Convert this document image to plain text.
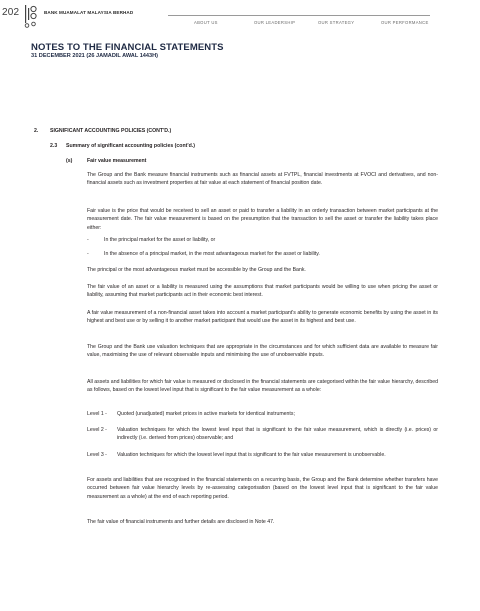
202	BANK MUAMALAT MALAYSIA BERHAD
ABOUT US	OUR LEADERSHIP	OUR STRATEGY	OUR PERFORMANCE
NOTES TO THE FINANCIAL STATEMENTS
31 DECEMBER 2021 (26 JAMADIL AWAL 1443H)
2. SIGNIFICANT ACCOUNTING POLICIES (CONT'D.)
2.3 Summary of significant accounting policies (cont'd.)
(s)	Fair value measurement

The Group and the Bank measure financial instruments such as financial assets at FVTPL, financial investments at FVOCI and derivatives, and non-financial assets such as investment properties at fair value at each statement of financial position date.

Fair value is the price that would be received to sell an asset or paid to transfer a liability in an orderly transaction between market participants at the measurement date. The fair value measurement is based on the presumption that the transaction to sell the asset or transfer the liability takes place either:

-	In the principal market for the asset or liability, or
-	In the absence of a principal market, in the most advantageous market for the asset or liability.

The principal or the most advantageous market must be accessible by the Group and the Bank.

The fair value of an asset or a liability is measured using the assumptions that market participants would be willing to use when pricing the asset or liability, assuming that market participants act in their economic best interest.

A fair value measurement of a non-financial asset takes into account a market participant's ability to generate economic benefits by using the asset in its highest and best use or by selling it to another market participant that would use the asset in its highest and best use.

The Group and the Bank use valuation techniques that are appropriate in the circumstances and for which sufficient data are available to measure fair value, maximising the use of relevant observable inputs and minimising the use of unobservable inputs.

All assets and liabilities for which fair value is measured or disclosed in the financial statements are categorised within the fair value hierarchy, described as follows, based on the lowest level input that is significant to the fair value measurement as a whole:

Level 1 - Quoted (unadjusted) market prices in active markets for identical instruments;
Level 2 - Valuation techniques for which the lowest level input that is significant to the fair value measurement, which is directly (i.e. prices) or indirectly (i.e. derived from prices) observable; and
Level 3 - Valuation techniques for which the lowest level input that is significant to the fair value measurement is unobservable.

For assets and liabilities that are recognised in the financial statements on a recurring basis, the Group and the Bank determine whether transfers have occurred between fair value hierarchy levels by re-assessing categorisation (based on the lowest level input that is significant to the fair value measurement as a whole) at the end of each reporting period.

The fair value of financial instruments and further details are disclosed in Note 47.
